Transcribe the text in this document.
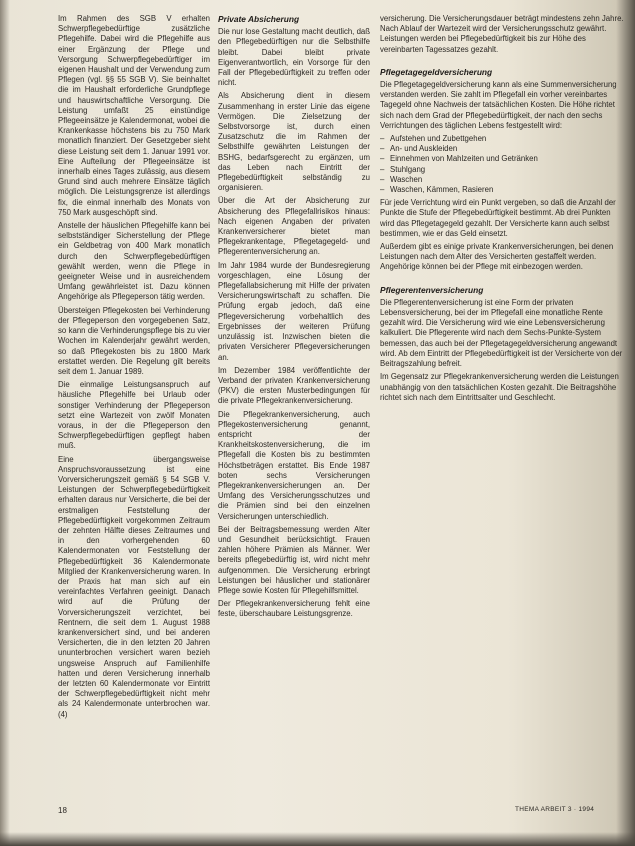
Im Rahmen des SGB V erhalten Schwerpflegebedürftige zusätzliche Pflegehilfe. Dabei wird die Pflegehilfe aus einer Ergänzung der Pflege und Versorgung Schwerpflegebedürftiger im eigenen Haushalt und der Verwendung zum Pflegen (vgl. §§ 55 SGB V). Sie beinhaltet die im Haushalt erforderliche Grundpflege und hauswirtschaftliche Versorgung. Die Leistung umfaßt 25 einstündige Pflegeeinsätze je Kalendermonat, wobei die Krankenkasse höchstens bis zu 750 Mark monatlich finanziert. Der Gesetzgeber sieht diese Leistung seit dem 1. Januar 1991 vor. Eine Aufteilung der Pflegeeinsätze ist innerhalb eines Tages zulässig, aus diesem Grund sind auch mehrere Einsätze täglich möglich. Die Leistungsgrenze ist allerdings fix, die einmal innerhalb des Monats von 750 Mark ausgeschöpft sind.

Anstelle der häuslichen Pflegehilfe kann bei selbstständiger Sicherstellung der Pflege ein Geldbetrag von 400 Mark monatlich durch den Schwerpflegebedürftigen gewählt werden, wenn die Pflege in geeigneter Weise und in ausreichendem Umfang gewährleistet ist. Dazu können Angehörige als Pflegeperson tätig werden.

Übersteigen Pflegekosten bei Verhinderung der Pflegeperson den vorgegebenen Satz, so kann die Verhinderungspflege bis zu vier Wochen im Kalenderjahr gewährt werden, so daß Pflegekosten bis zu 1800 Mark erstattet werden. Die Regelung gilt bereits seit dem 1. Januar 1989.

Die einmalige Leistungsanspruch auf häusliche Pflegehilfe bei Urlaub oder sonstiger Verhinderung der Pflegeperson setzt eine Wartezeit von zwölf Monaten voraus, in der die Pflegeperson den Schwerpflegebedürftigen gepflegt haben muß.

Eine übergangsweise Anspruchsvoraussetzung ist eine Vorversicherungszeit gemäß § 54 SGB V. Leistungen der Schwerpflegebedürftigkeit erhalten daraus nur Versicherte, die bei der erstmaligen Feststellung der Pflegebedürftigkeit vorgekommen Zeitraum der zehnten Hälfte dieses Zeitraumes und in den vorhergehenden 60 Kalendermonaten vor Feststellung der Pflegebedürftigkeit 36 Kalendermonate Mitglied der Krankenversicherung waren. In der Praxis hat man sich auf ein vereinfachtes Verfahren geeinigt. Danach wird auf die Prüfung der Vorversicherungszeit verzichtet, bei Rentnern, die seit dem 1. August 1988 krankenversichert sind, und bei anderen Versicherten, die in den letzten 20 Jahren ununterbrochen versichert waren bezieh ungsweise Anspruch auf Familienhilfe hatten und deren Versicherung innerhalb der letzten 60 Kalendermonate vor Eintritt der Schwerpflegebedürftigkeit nicht mehr als 24 Kalendermonate unterbrochen war. (4)

Private Absicherung

Die nur lose Gestaltung macht deutlich, daß den Pflegebedürftigen nur die Selbsthilfe bleibt. Dabei bleibt private Eigenverantwortlich, ein Vorsorge für den Fall der Pflegebedürftigkeit zu treffen oder nicht.

Als Absicherung dient in diesem Zusammenhang in erster Linie das eigene Vermögen. Die Zielsetzung der Selbstvorsorge ist, durch einen Zusatzschutz die im Rahmen der Selbsthilfe gewährten Leistungen der BSHG, bedarfsgerecht zu ergänzen, um das Leben nach Eintritt der Pflegebedürftigkeit selbständig zu organisieren.

Über die Art der Absicherung zur Absicherung des Pflegefallrisikos hinaus: Nach eigenen Angaben der privaten Krankenversicherer bietet man Pflegekrankentage, Pflegetagegeld- und Pflegerentenversicherung an.

Im Jahr 1984 wurde der Bundesregierung vorgeschlagen, eine Lösung der Pflegefallabsicherung mit Hilfe der privaten Versicherungswirtschaft zu schaffen. Die Prüfung ergab jedoch, daß eine Pflegeversicherung vorbehaltlich des Ergebnisses der weiteren Prüfung unzulässig ist. Inzwischen bieten die privaten Versicherer Pflegeversicherungen an.

Im Dezember 1984 veröffentlichte der Verband der privaten Krankenversicherung (PKV) die ersten Musterbedingungen für die private Pflegekrankenversicherung.

Die Pflegekrankenversicherung, auch Pflegekostenversicherung genannt, entspricht der Krankheitskostenversicherung, die im Pflegefall die Kosten bis zu bestimmten Höchstbeträgen erstattet. Bis Ende 1987 boten sechs Versicherungen Pflegekrankenversicherungen an. Der Umfang des Versicherungsschutzes und die Prämien sind bei den einzelnen Versicherungen unterschiedlich.

Bei der Beitragsbemessung werden Alter und Gesundheit berücksichtigt. Frauen zahlen höhere Prämien als Männer. Wer bereits pflegebedürftig ist, wird nicht mehr aufgenommen. Die Versicherung erbringt Leistungen bei häuslicher und stationärer Pflege sowie Kosten für Pflegehilfsmittel.

Der Pflegekrankenversicherung fehlt eine feste, überschaubare Leistungsgrenze.

versicherung. Die Versicherungsdauer beträgt mindestens zehn Jahre. Nach Ablauf der Wartezeit wird der Versicherungsschutz gewährt. Leistungen werden bei Pflegebedürftigkeit bis zur Höhe des vereinbarten Tagessatzes gezahlt.

Pflegetagegeldversicherung

Die Pflegetagegeldversicherung kann als eine Summenversicherung verstanden werden. Sie zahlt im Pflegefall ein vorher vereinbartes Tagegeld ohne Nachweis der tatsächlichen Kosten. Die Höhe richtet sich nach dem Grad der Pflegebedürftigkeit, der nach den sechs Verrichtungen des täglichen Lebens festgestellt wird:

– Aufstehen und Zubettgehen
– An- und Auskleiden
– Einnehmen von Mahlzeiten und Getränken
– Stuhlgang
– Waschen
– Waschen, Kämmen, Rasieren

Für jede Verrichtung wird ein Punkt vergeben, so daß die Anzahl der Punkte die Stufe der Pflegebedürftigkeit bestimmt. Ab drei Punkten wird das Pflegetagegeld gezahlt. Der Versicherte kann auch selbst bestimmen, wie er das Geld einsetzt.

Außerdem gibt es einige private Krankenversicherungen, bei denen Leistungen nach dem Alter des Versicherten gestaffelt werden. Angehörige können bei der Pflege mit einbezogen werden.

Pflegerentenversicherung

Die Pflegerentenversicherung ist eine Form der privaten Lebensversicherung, bei der im Pflegefall eine monatliche Rente gezahlt wird. Die Versicherung wird wie eine Lebensversicherung kalkuliert. Die Pflegerente wird nach dem Sechs-Punkte-System bemessen, das auch bei der Pflegetagegeldversicherung angewandt wird. Ab dem Eintritt der Pflegebedürftigkeit ist der Versicherte von der Beitragszahlung befreit.

Im Gegensatz zur Pflegekrankenversicherung werden die Leistungen unabhängig von den tatsächlichen Kosten gezahlt. Die Beitragshöhe richtet sich nach dem Eintrittsalter und Geschlecht.

18	THEMA ARBEIT 3 · 1994
